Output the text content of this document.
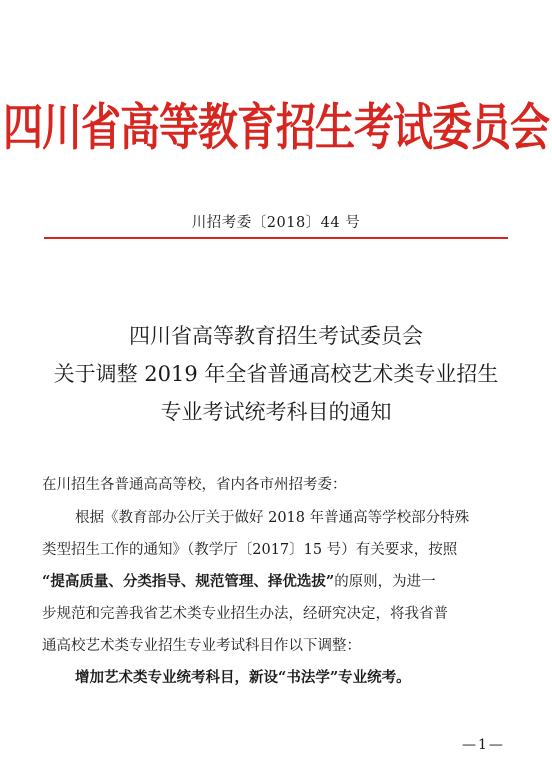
四川省高等教育招生考试委员会
川招考委〔2018〕44 号
四川省高等教育招生考试委员会
关于调整 2019 年全省普通高校艺术类专业招生
专业考试统考科目的通知
在川招生各普通高高等校，省内各市州招考委：
根据《教育部办公厅关于做好 2018 年普通高等学校部分特殊
类型招生工作的通知》（教学厅〔2017〕15 号）有关要求，按照
“提高质量、分类指导、规范管理、择优选拔”的原则，为进一
步规范和完善我省艺术类专业招生办法，经研究决定，将我省普
通高校艺术类专业招生专业考试科目作以下调整：
增加艺术类专业统考科目，新设“书法学”专业统考。
—1—
